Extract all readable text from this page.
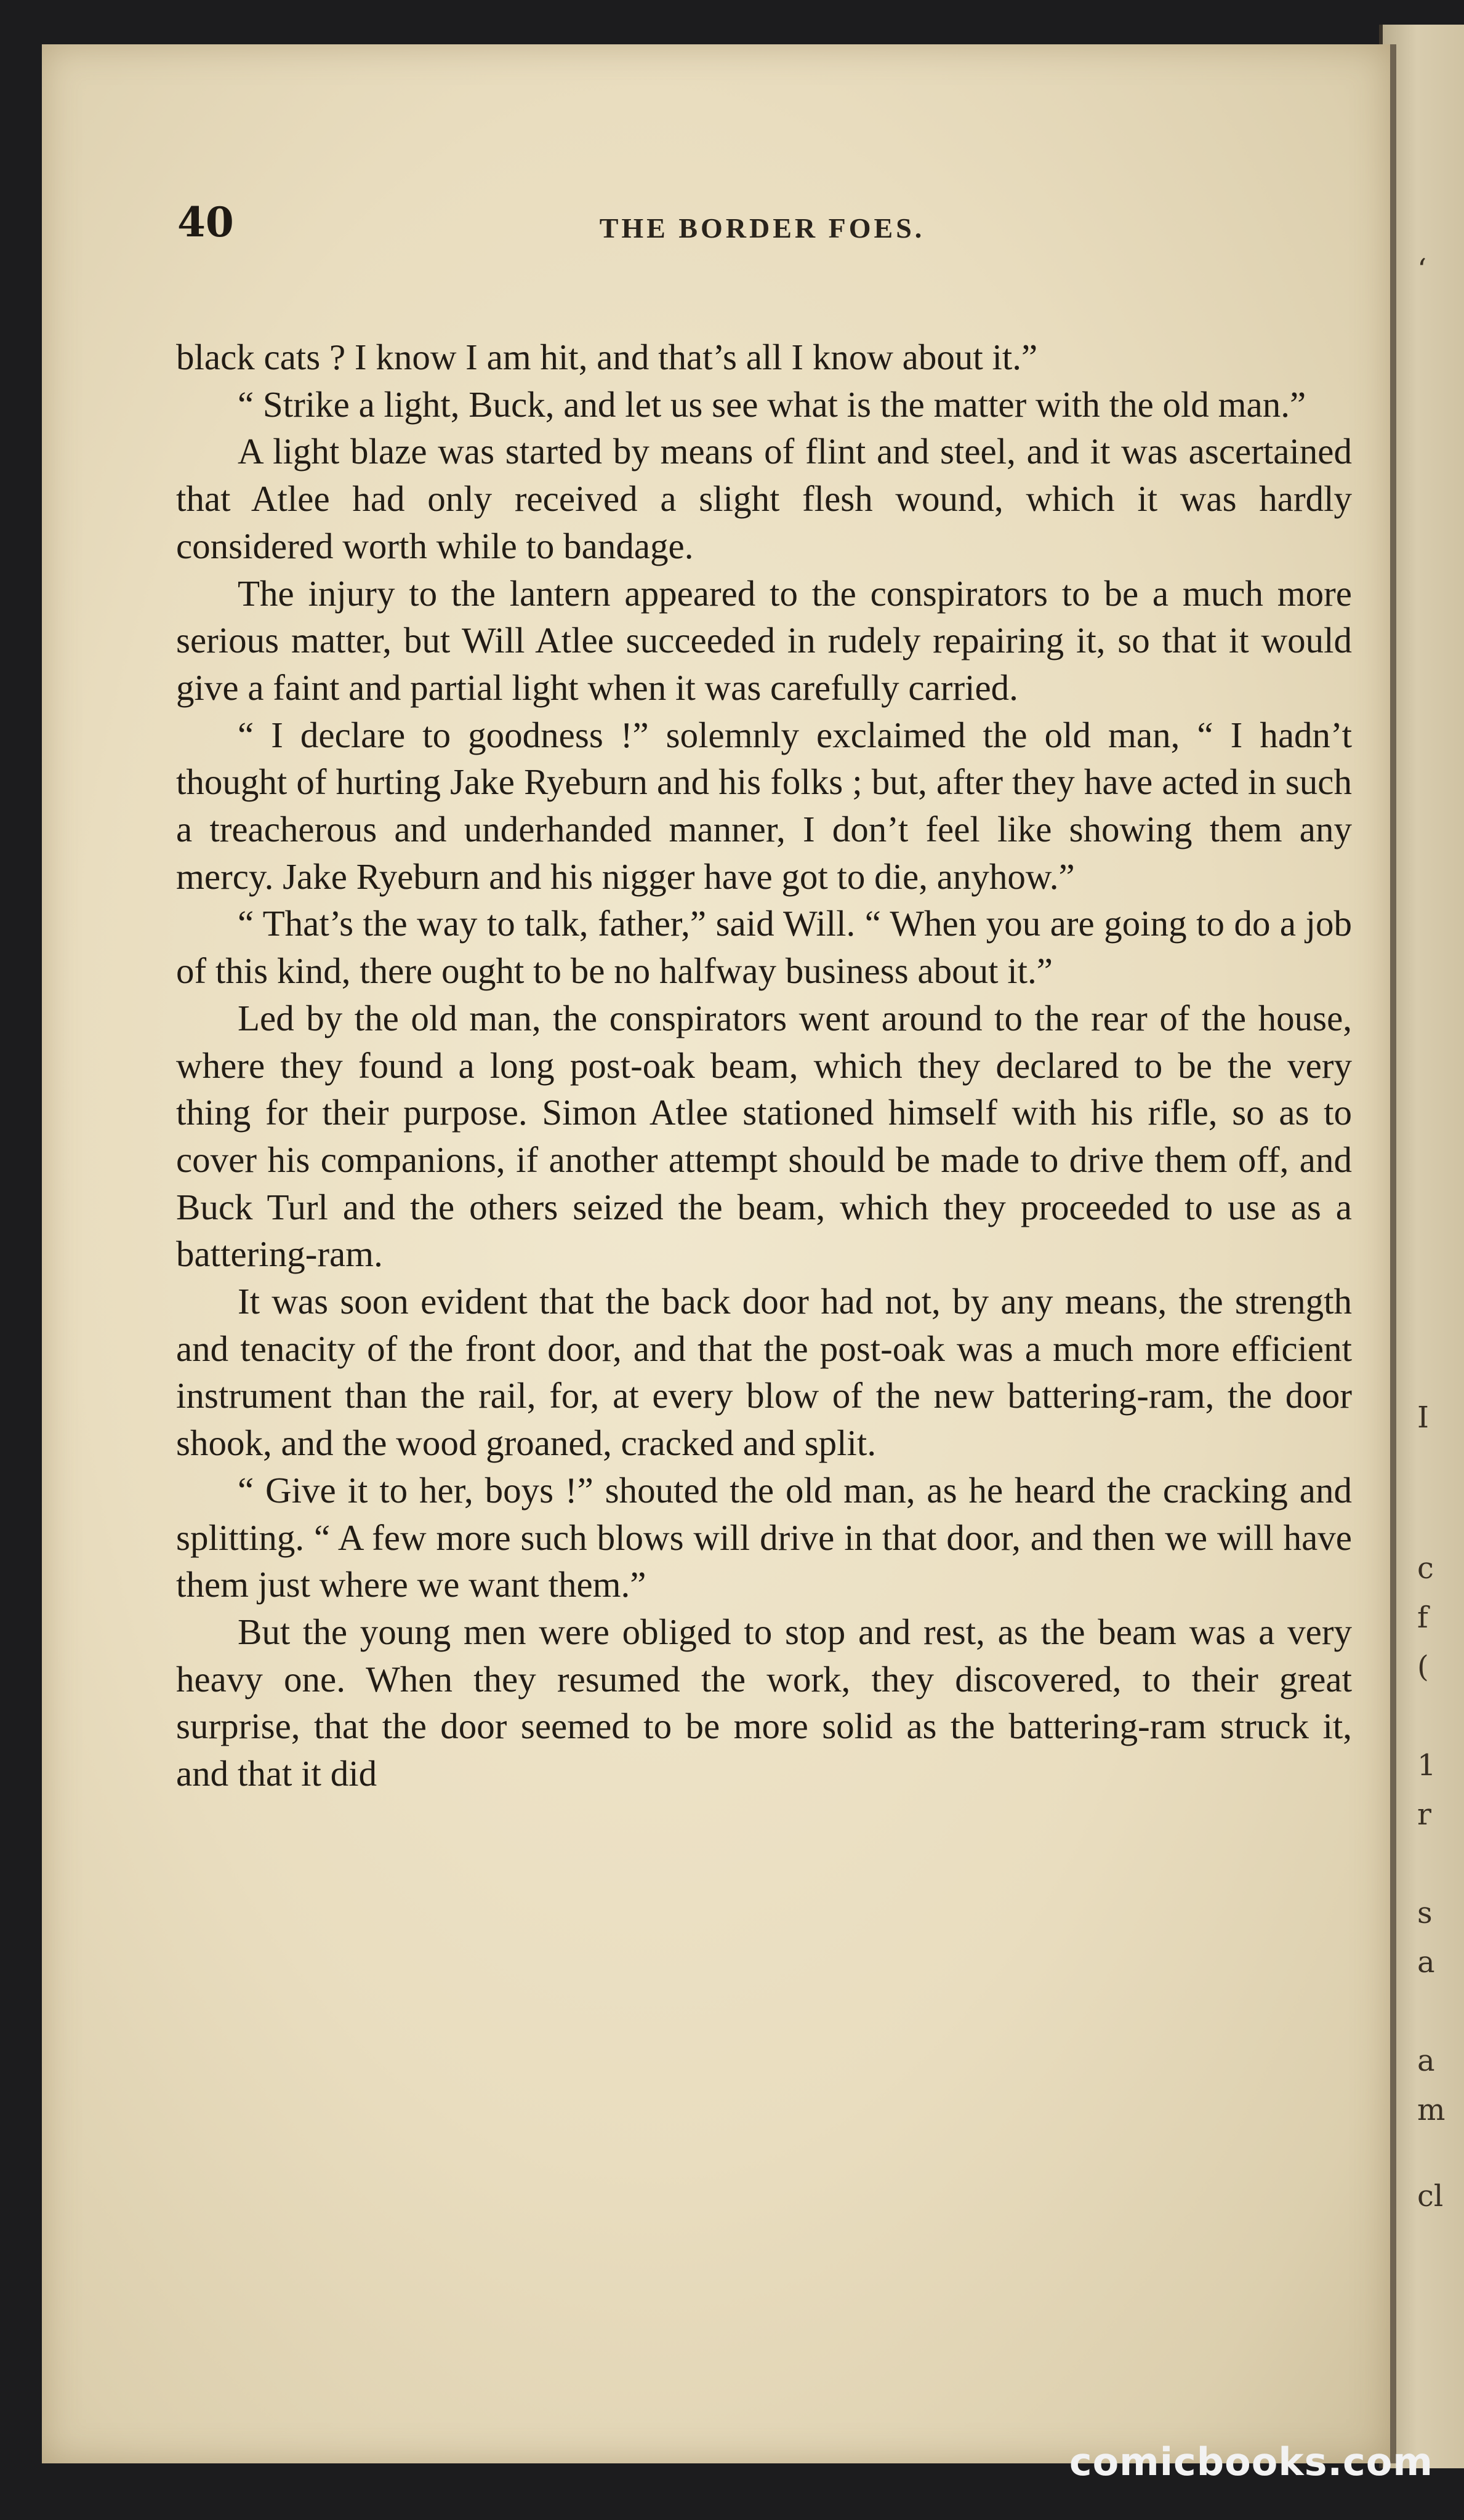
‘
I
c
f
(
1
r
s
a
a
m
cl
40	THE BORDER FOES.

black cats ? I know I am hit, and that’s all I know about it.”

“ Strike a light, Buck, and let us see what is the matter with the old man.”

A light blaze was started by means of flint and steel, and it was ascertained that Atlee had only received a slight flesh wound, which it was hardly considered worth while to bandage.

The injury to the lantern appeared to the conspirators to be a much more serious matter, but Will Atlee succeeded in rudely repairing it, so that it would give a faint and partial light when it was carefully carried.

“ I declare to goodness !” solemnly exclaimed the old man, “ I hadn’t thought of hurting Jake Ryeburn and his folks ; but, after they have acted in such a treacherous and underhanded manner, I don’t feel like showing them any mercy. Jake Ryeburn and his nigger have got to die, anyhow.”

“ That’s the way to talk, father,” said Will. “ When you are going to do a job of this kind, there ought to be no halfway business about it.”

Led by the old man, the conspirators went around to the rear of the house, where they found a long post-oak beam, which they declared to be the very thing for their purpose. Simon Atlee stationed himself with his rifle, so as to cover his companions, if another attempt should be made to drive them off, and Buck Turl and the others seized the beam, which they proceeded to use as a battering-ram.

It was soon evident that the back door had not, by any means, the strength and tenacity of the front door, and that the post-oak was a much more efficient instrument than the rail, for, at every blow of the new battering-ram, the door shook, and the wood groaned, cracked and split.

“ Give it to her, boys !” shouted the old man, as he heard the cracking and splitting. “ A few more such blows will drive in that door, and then we will have them just where we want them.”

But the young men were obliged to stop and rest, as the beam was a very heavy one. When they resumed the work, they discovered, to their great surprise, that the door seemed to be more solid as the battering-ram struck it, and that it did

comicbooks.com
